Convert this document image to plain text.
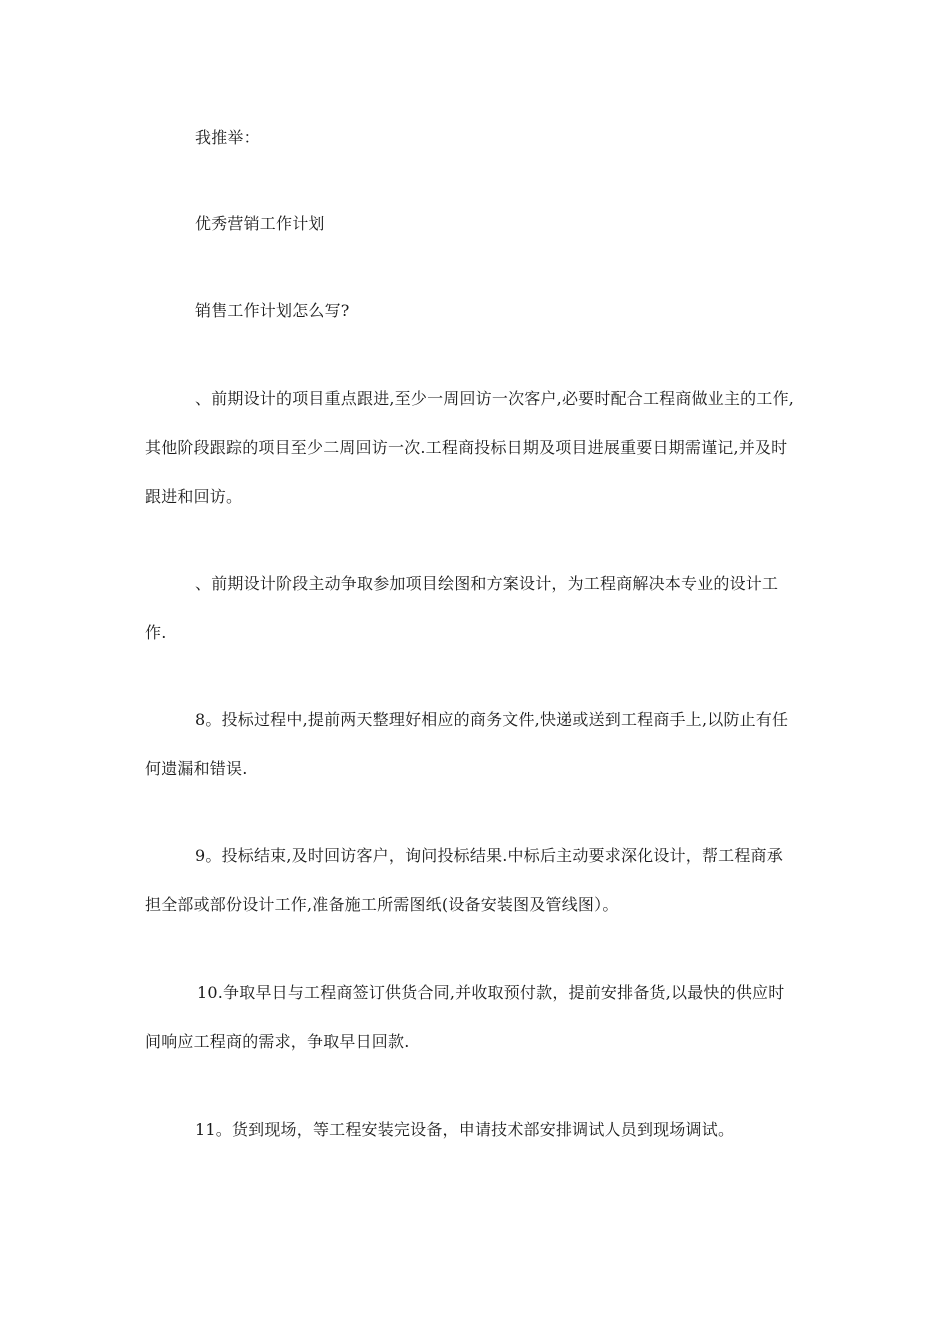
我推举：
优秀营销工作计划
销售工作计划怎么写?
、前期设计的项目重点跟进,至少一周回访一次客户,必要时配合工程商做业主的工作,
其他阶段跟踪的项目至少二周回访一次.工程商投标日期及项目进展重要日期需谨记,并及时
跟进和回访。
、前期设计阶段主动争取参加项目绘图和方案设计，为工程商解决本专业的设计工
作.
8。投标过程中,提前两天整理好相应的商务文件,快递或送到工程商手上,以防止有任
何遗漏和错误.
9。投标结束,及时回访客户，询问投标结果.中标后主动要求深化设计，帮工程商承
担全部或部份设计工作,准备施工所需图纸(设备安装图及管线图）。
10.争取早日与工程商签订供货合同,并收取预付款，提前安排备货,以最快的供应时
间响应工程商的需求，争取早日回款.
11。货到现场，等工程安装完设备，申请技术部安排调试人员到现场调试。
